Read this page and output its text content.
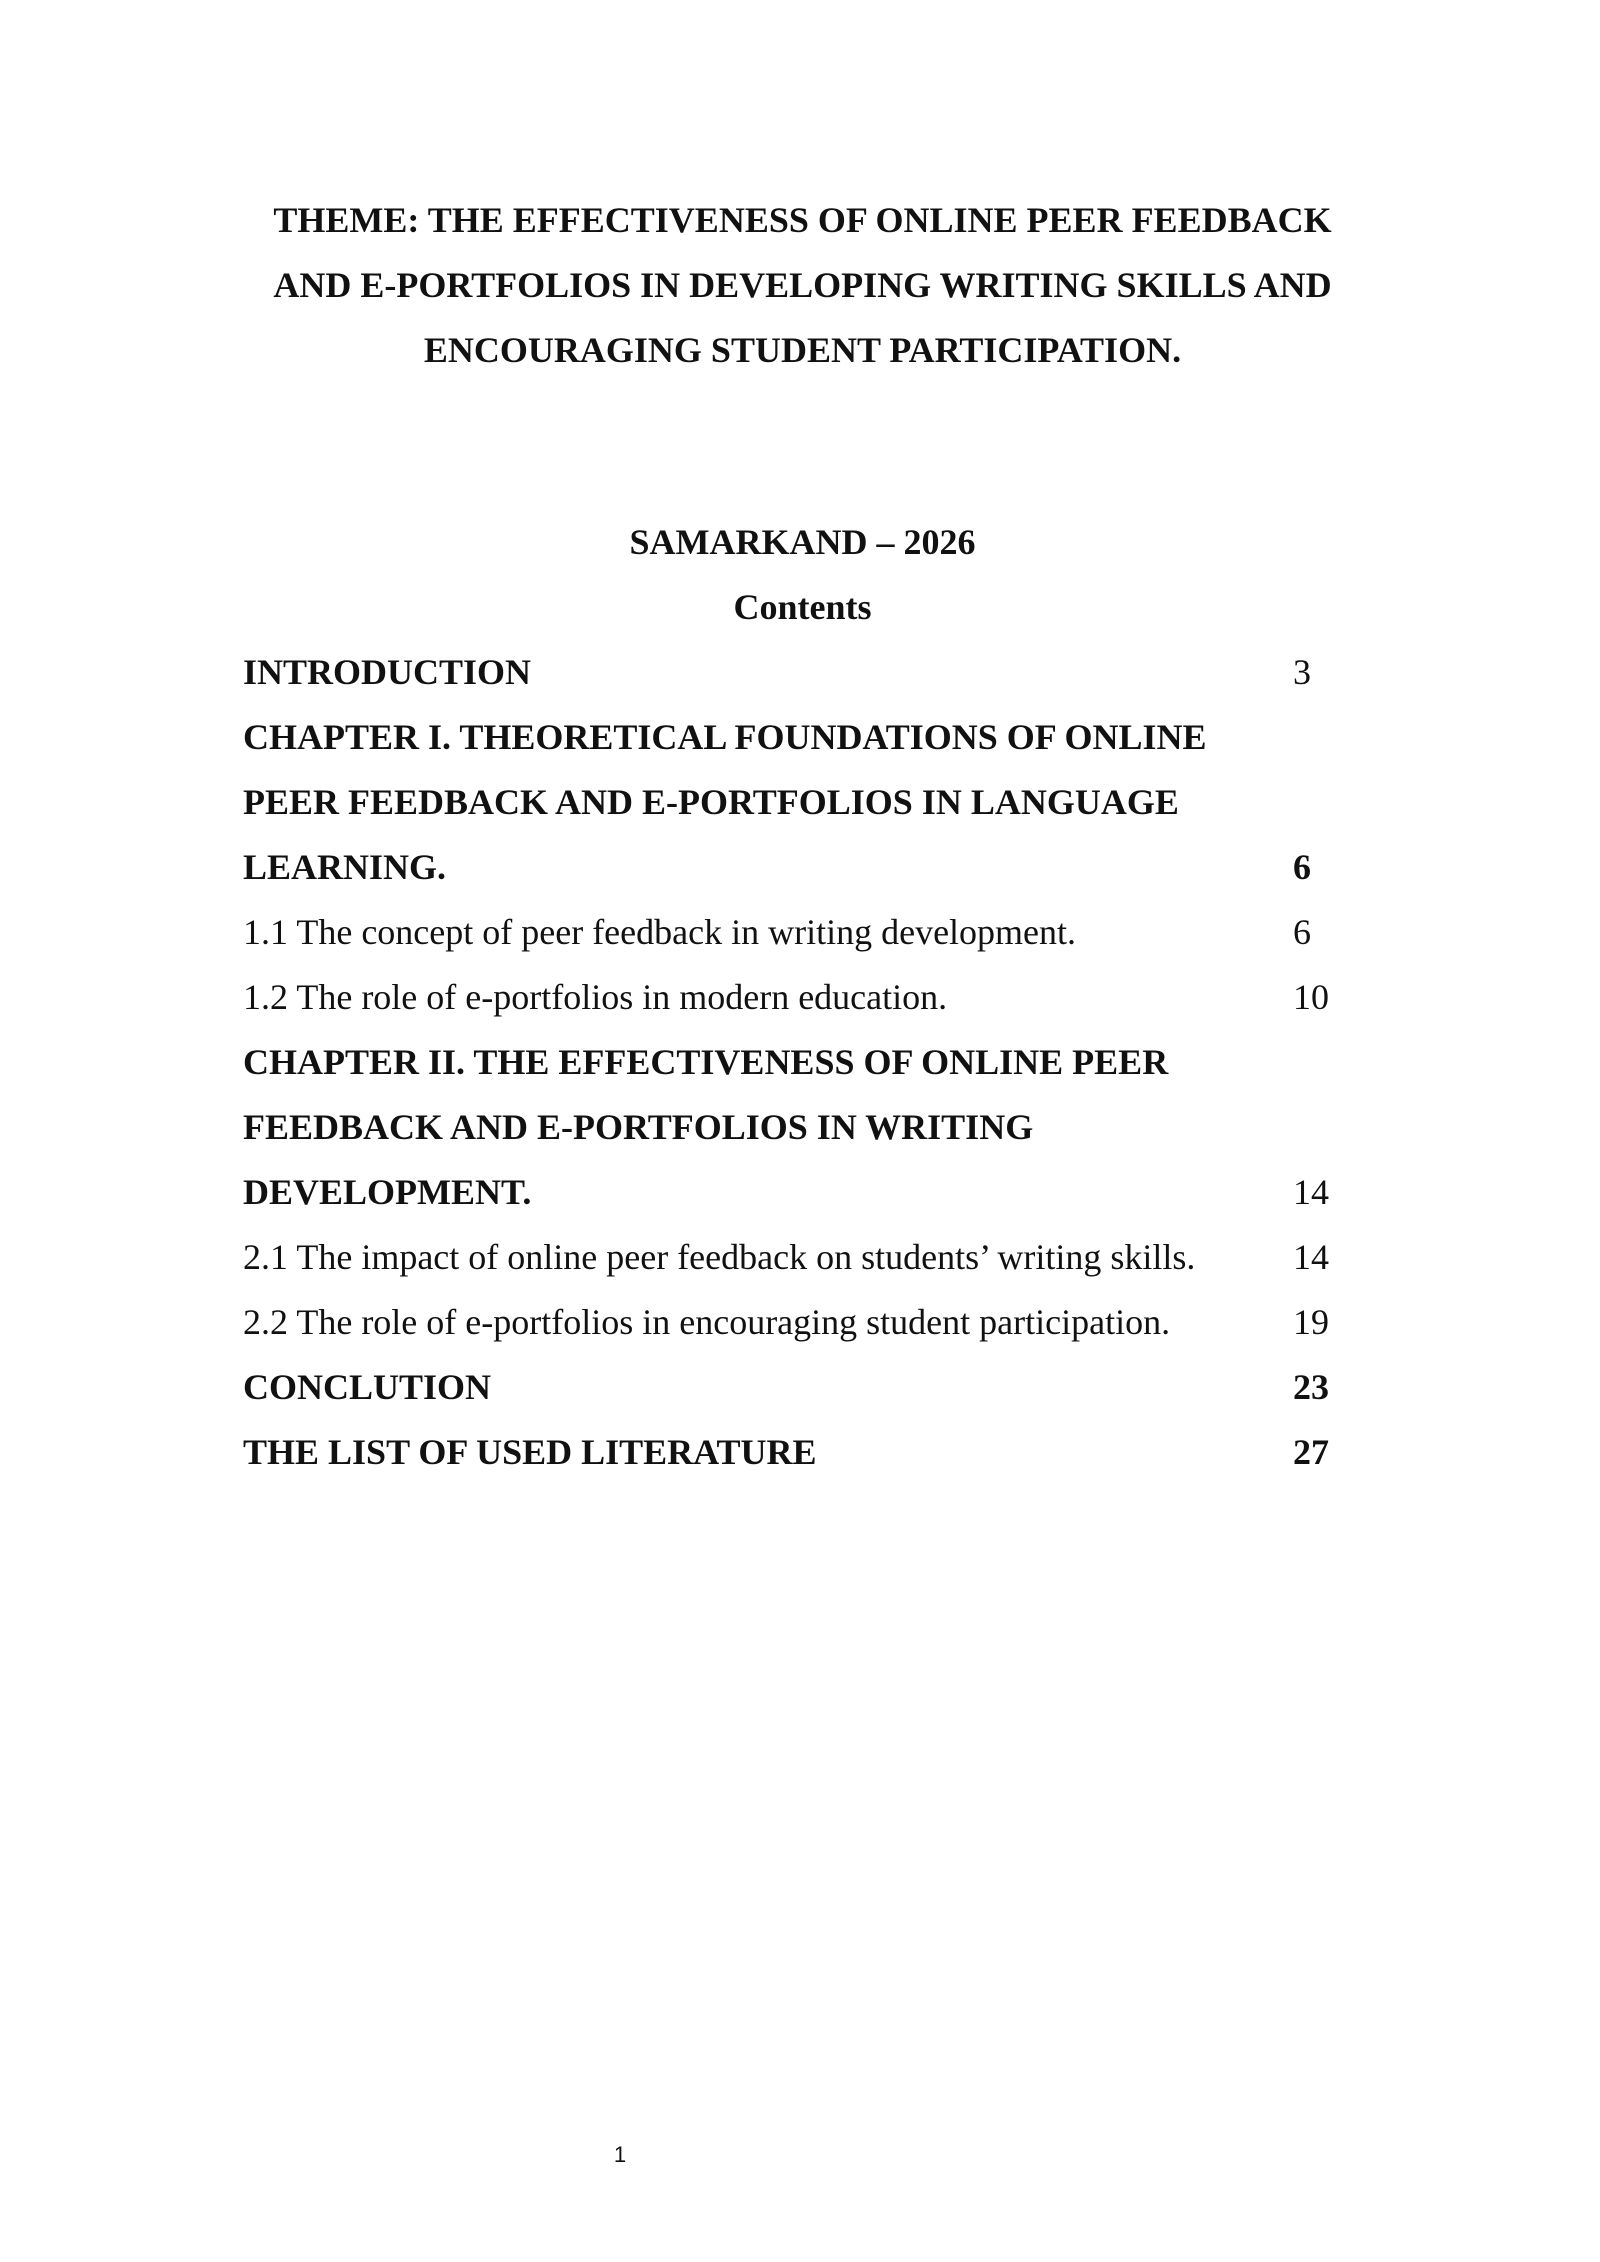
THEME: THE EFFECTIVENESS OF ONLINE PEER FEEDBACK
AND E-PORTFOLIOS IN DEVELOPING WRITING SKILLS AND
ENCOURAGING STUDENT PARTICIPATION.
SAMARKAND – 2026
Contents
INTRODUCTION	3
CHAPTER I. THEORETICAL FOUNDATIONS OF ONLINE
PEER FEEDBACK AND E-PORTFOLIOS IN LANGUAGE
LEARNING.	6
1.1 The concept of peer feedback in writing development.	6
1.2 The role of e-portfolios in modern education.	10
CHAPTER II. THE EFFECTIVENESS OF ONLINE PEER
FEEDBACK AND E-PORTFOLIOS IN WRITING
DEVELOPMENT.	14
2.1 The impact of online peer feedback on students’ writing skills.	14
2.2 The role of e-portfolios in encouraging student participation.	19
CONCLUTION	23
THE LIST OF USED LITERATURE	27
1
